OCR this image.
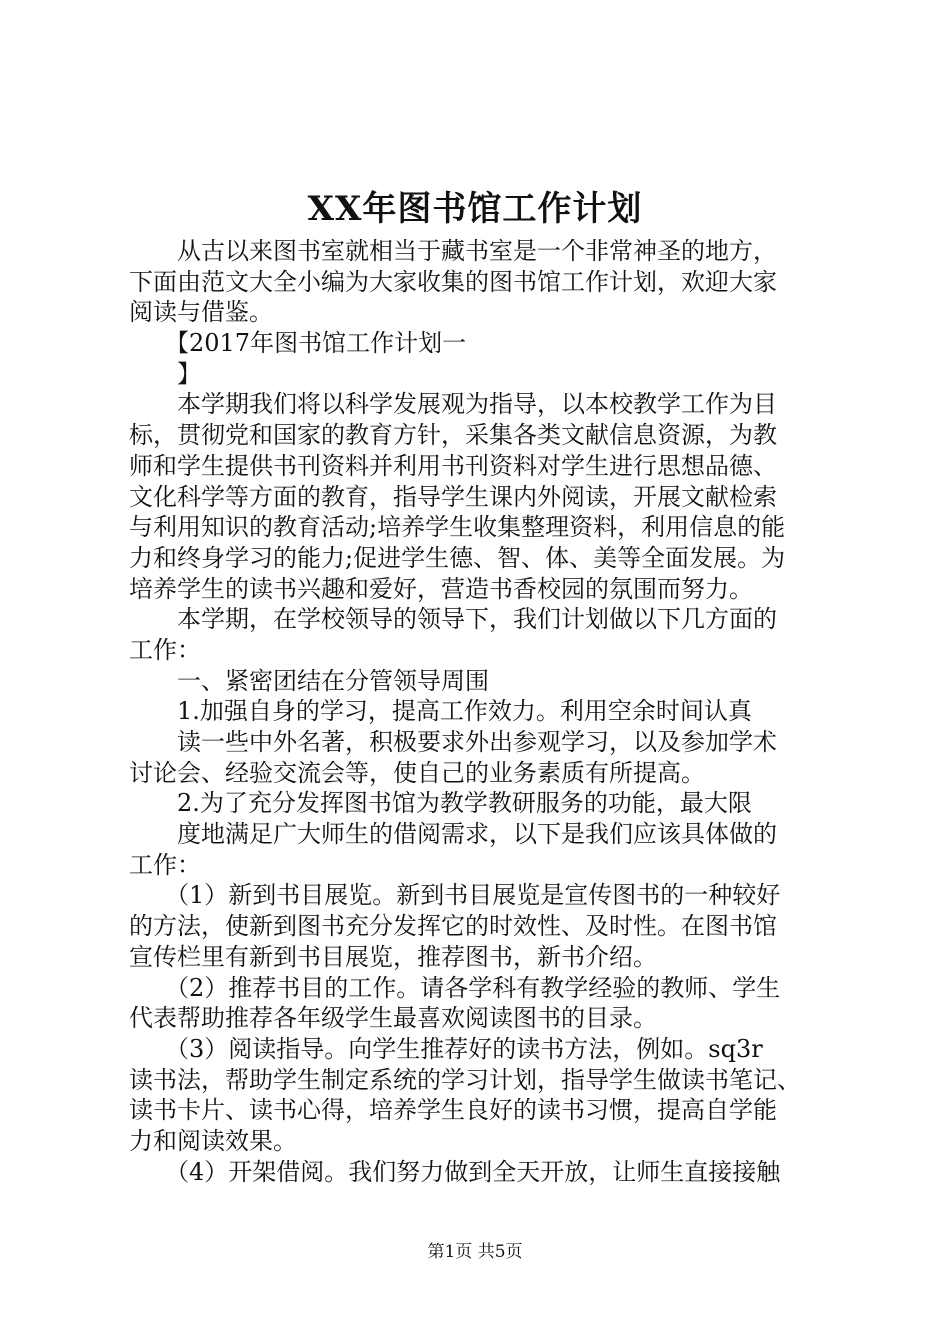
XX年图书馆工作计划
　　从古以来图书室就相当于藏书室是一个非常神圣的地方，
下面由范文大全小编为大家收集的图书馆工作计划，欢迎大家
阅读与借鉴。
　　【2017年图书馆工作计划一
　　】
　　本学期我们将以科学发展观为指导，以本校教学工作为目
标，贯彻党和国家的教育方针，采集各类文献信息资源，为教
师和学生提供书刊资料并利用书刊资料对学生进行思想品德、
文化科学等方面的教育，指导学生课内外阅读，开展文献检索
与利用知识的教育活动;培养学生收集整理资料，利用信息的能
力和终身学习的能力;促进学生德、智、体、美等全面发展。为
培养学生的读书兴趣和爱好，营造书香校园的氛围而努力。
　　本学期，在学校领导的领导下，我们计划做以下几方面的
工作：
　　一、紧密团结在分管领导周围
　　1.加强自身的学习，提高工作效力。利用空余时间认真
　　读一些中外名著，积极要求外出参观学习，以及参加学术
讨论会、经验交流会等，使自己的业务素质有所提高。
　　2.为了充分发挥图书馆为教学教研服务的功能，最大限
　　度地满足广大师生的借阅需求，以下是我们应该具体做的
工作：
　　（1）新到书目展览。新到书目展览是宣传图书的一种较好
的方法，使新到图书充分发挥它的时效性、及时性。在图书馆
宣传栏里有新到书目展览，推荐图书，新书介绍。
　　（2）推荐书目的工作。请各学科有教学经验的教师、学生
代表帮助推荐各年级学生最喜欢阅读图书的目录。
　　（3）阅读指导。向学生推荐好的读书方法，例如。sq3r
读书法，帮助学生制定系统的学习计划，指导学生做读书笔记、
读书卡片、读书心得，培养学生良好的读书习惯，提高自学能
力和阅读效果。
　　（4）开架借阅。我们努力做到全天开放，让师生直接接触
第1页 共5页
